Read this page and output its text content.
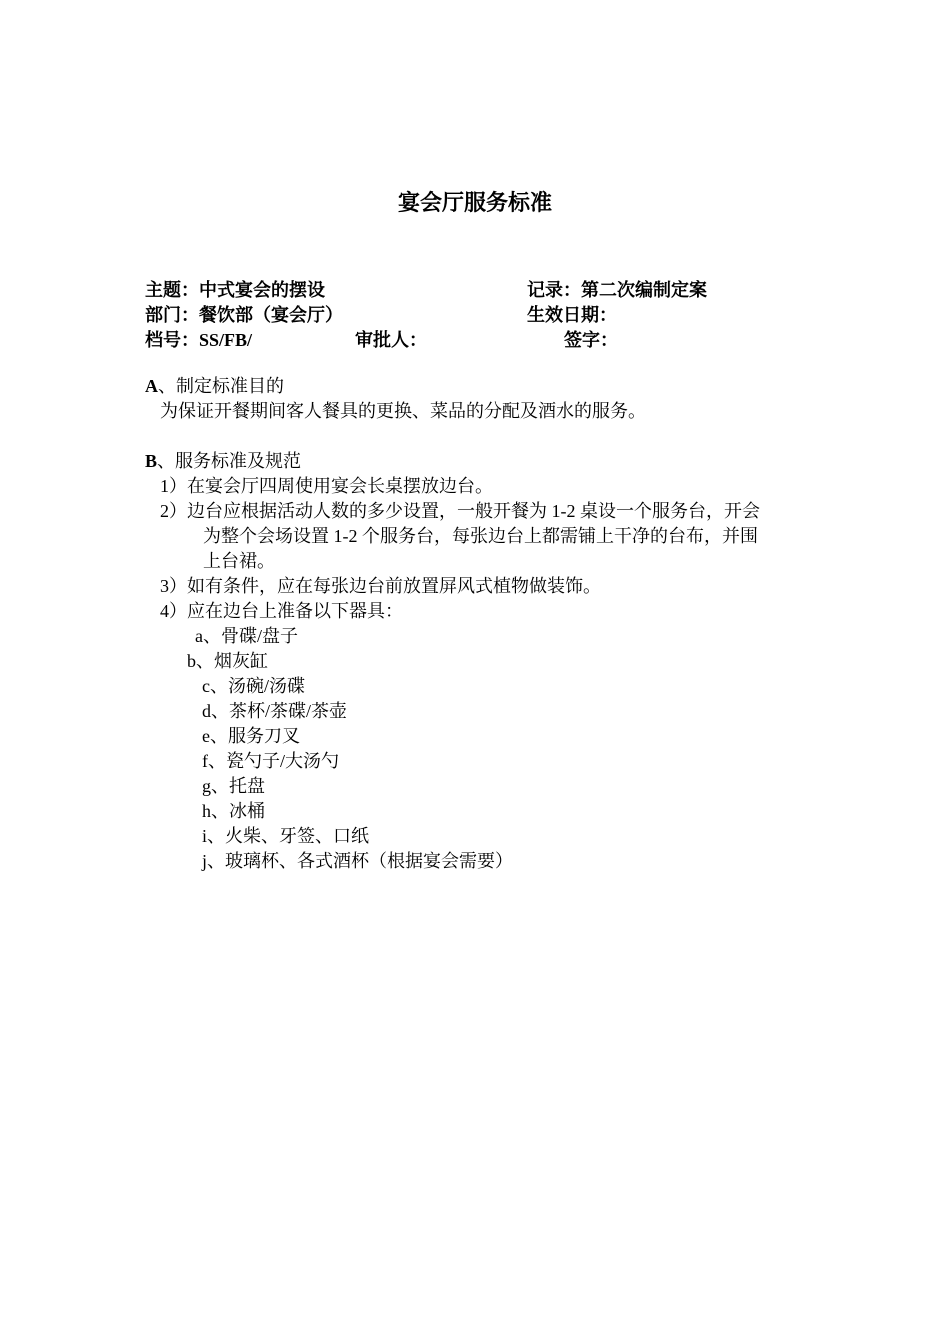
宴会厅服务标准
主题：中式宴会的摆设	记录：第二次编制定案
部门：餐饮部（宴会厅）	生效日期：
档号：SS/FB/	审批人：	签字：
A、制定标准目的
为保证开餐期间客人餐具的更换、菜品的分配及酒水的服务。
B、服务标准及规范
1）在宴会厅四周使用宴会长桌摆放边台。
2）边台应根据活动人数的多少设置，一般开餐为 1-2 桌设一个服务台，开会
为整个会场设置 1-2 个服务台，每张边台上都需铺上干净的台布，并围
上台裙。
3）如有条件，应在每张边台前放置屏风式植物做装饰。
4）应在边台上准备以下器具：
a、骨碟/盘子
b、烟灰缸
c、汤碗/汤碟
d、茶杯/茶碟/茶壶
e、服务刀叉
f、瓷勺子/大汤勺
g、托盘
h、冰桶
i、火柴、牙签、口纸
j、玻璃杯、各式酒杯（根据宴会需要）
